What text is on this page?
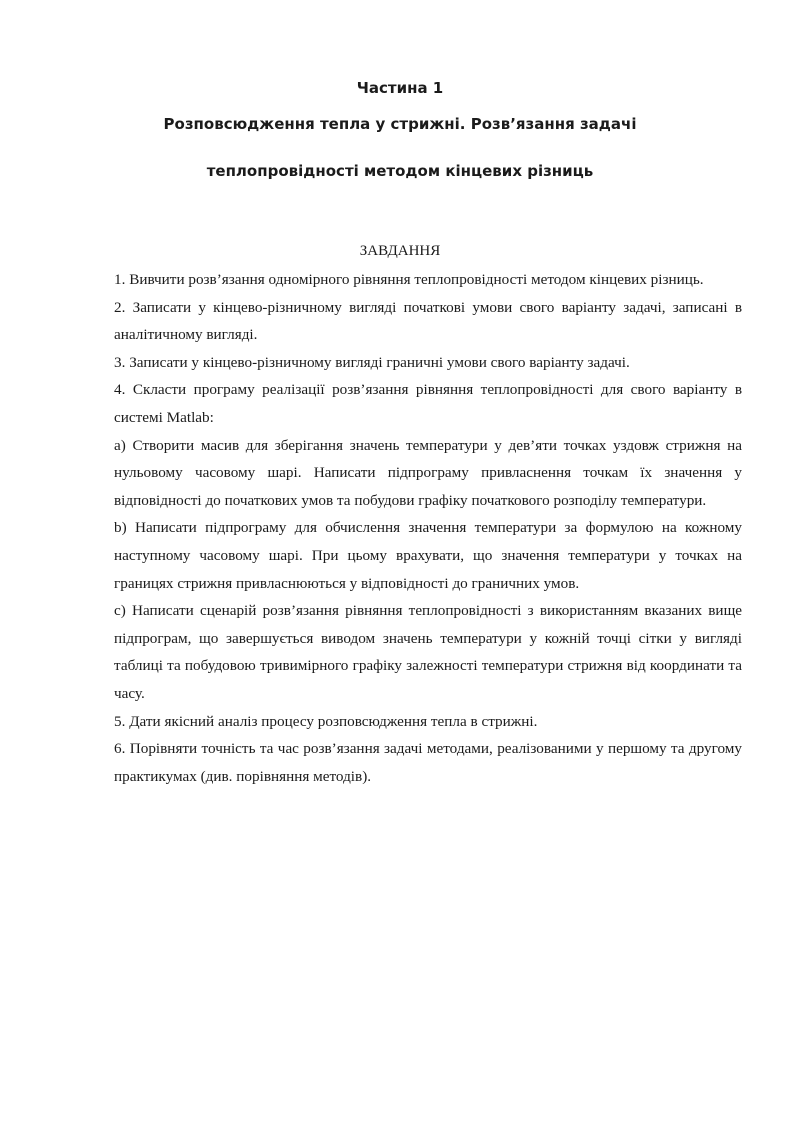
Частина 1
Розповсюдження тепла у стрижні. Розв’язання задачі
теплопровідності методом кінцевих різниць
ЗАВДАННЯ

1. Вивчити розв’язання одномірного рівняння теплопровідності методом кінцевих різниць.

2. Записати у кінцево-різничному вигляді початкові умови свого варіанту задачі, записані в аналітичному вигляді.

3. Записати у кінцево-різничному вигляді граничні умови свого варіанту задачі.

4. Скласти програму реалізації розв’язання рівняння теплопровідності для свого варіанту в системі Matlab:

a) Створити масив для зберігання значень температури у дев’яти точках уздовж стрижня на нульовому часовому шарі. Написати підпрограму привласнення точкам їх значення у відповідності до початкових умов та побудови графіку початкового розподілу температури.

b) Написати підпрограму для обчислення значення температури за формулою на кожному наступному часовому шарі. При цьому врахувати, що значення температури у точках на границях стрижня привласнюються у відповідності до граничних умов.

c) Написати сценарій розв’язання рівняння теплопровідності з використанням вказаних вище підпрограм, що завершується виводом значень температури у кожній точці сітки у вигляді таблиці та побудовою тривимірного графіку залежності температури стрижня від координати та часу.

5. Дати якісний аналіз процесу розповсюдження тепла в стрижні.

6. Порівняти точність та час розв’язання задачі методами, реалізованими у першому та другому практикумах (див. порівняння методів).
